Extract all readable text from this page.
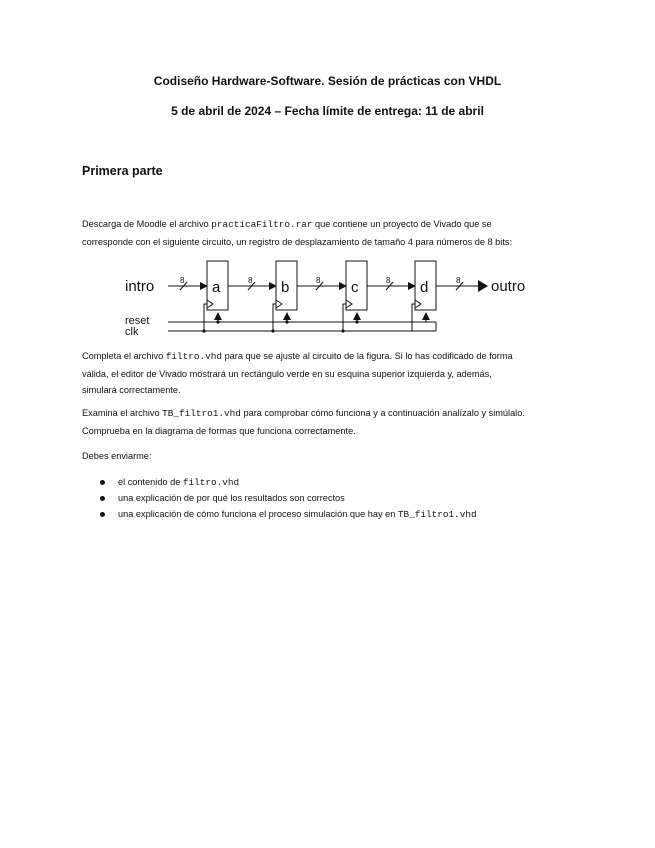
Codiseño Hardware-Software. Sesión de prácticas con VHDL
5 de abril de 2024 – Fecha límite de entrega: 11 de abril
Primera parte
Descarga de Moodle el archivo practicaFiltro.rar que contiene un proyecto de Vivado que se
corresponde con el siguiente circuito, un registro de desplazamiento de tamaño 4 para números de 8 bits:
intro	8	8	8	8	8
a	b	c	d	outro
reset
clk
Completa el archivo filtro.vhd para que se ajuste al circuito de la figura. Si lo has codificado de forma
válida, el editor de Vivado mostrará un rectángulo verde en su esquina superior izquierda y, además,
simulará correctamente.
Examina el archivo TB_filtro1.vhd para comprobar cómo funciona y a continuación analízalo y simúlalo.
Comprueba en la diagrama de formas que funciona correctamente.
Debes enviarme:
el contenido de filtro.vhd
una explicación de por qué los resultados son correctos
una explicación de cómo funciona el proceso simulación que hay en TB_filtro1.vhd
